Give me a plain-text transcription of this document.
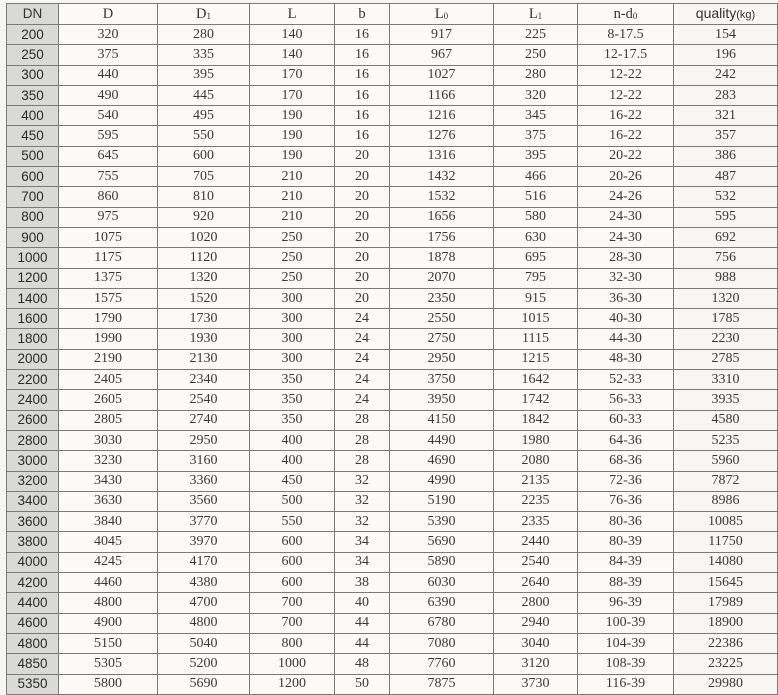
DN	D	$D_1$	L	b	$L_0$	$L_1$	$n-d_0$	quality(kg)
200	320	280	140	16	917	225	8-17.5	154
250	375	335	140	16	967	250	12-17.5	196
300	440	395	170	16	1027	280	12-22	242
350	490	445	170	16	1166	320	12-22	283
400	540	495	190	16	1216	345	16-22	321
450	595	550	190	16	1276	375	16-22	357
500	645	600	190	20	1316	395	20-22	386
600	755	705	210	20	1432	466	20-26	487
700	860	810	210	20	1532	516	24-26	532
800	975	920	210	20	1656	580	24-30	595
900	1075	1020	250	20	1756	630	24-30	692
1000	1175	1120	250	20	1878	695	28-30	756
1200	1375	1320	250	20	2070	795	32-30	988
1400	1575	1520	300	20	2350	915	36-30	1320
1600	1790	1730	300	24	2550	1015	40-30	1785
1800	1990	1930	300	24	2750	1115	44-30	2230
2000	2190	2130	300	24	2950	1215	48-30	2785
2200	2405	2340	350	24	3750	1642	52-33	3310
2400	2605	2540	350	24	3950	1742	56-33	3935
2600	2805	2740	350	28	4150	1842	60-33	4580
2800	3030	2950	400	28	4490	1980	64-36	5235
3000	3230	3160	400	28	4690	2080	68-36	5960
3200	3430	3360	450	32	4990	2135	72-36	7872
3400	3630	3560	500	32	5190	2235	76-36	8986
3600	3840	3770	550	32	5390	2335	80-36	10085
3800	4045	3970	600	34	5690	2440	80-39	11750
4000	4245	4170	600	34	5890	2540	84-39	14080
4200	4460	4380	600	38	6030	2640	88-39	15645
4400	4800	4700	700	40	6390	2800	96-39	17989
4600	4900	4800	700	44	6780	2940	100-39	18900
4800	5150	5040	800	44	7080	3040	104-39	22386
4850	5305	5200	1000	48	7760	3120	108-39	23225
5350	5800	5690	1200	50	7875	3730	116-39	29980
